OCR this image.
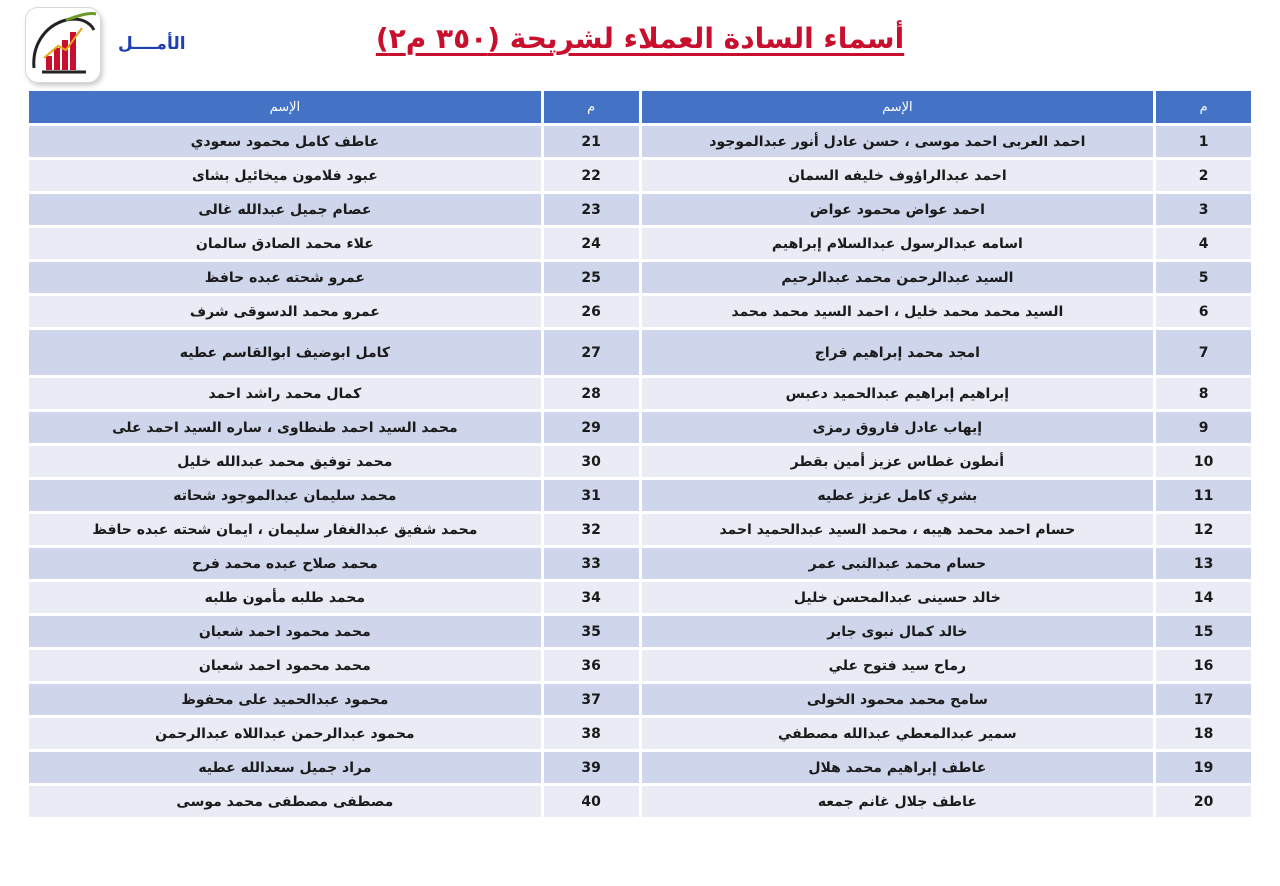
الأمــــل	أسماء السادة العملاء لشريحة (٣٥٠ م٢)
م	الإسم	م	الإسم
1	احمد العربى احمد موسى ، حسن عادل أنور عبدالموجود	21	عاطف كامل محمود سعودي
2	احمد عبدالراؤوف خليفه السمان	22	عبود فلامون ميخائيل بشاى
3	احمد عواض محمود عواض	23	عصام جميل عبدالله غالى
4	اسامه عبدالرسول عبدالسلام إبراهيم	24	علاء محمد الصادق سالمان
5	السيد عبدالرحمن محمد عبدالرحيم	25	عمرو شحته عبده حافظ
6	السيد محمد محمد خليل ، احمد السيد محمد محمد	26	عمرو محمد الدسوقى شرف
7	امجد محمد إبراهيم فراج	27	كامل ابوضيف ابوالقاسم عطيه
8	إبراهيم إبراهيم عبدالحميد دعبس	28	كمال محمد راشد احمد
9	إيهاب عادل فاروق رمزى	29	محمد السيد احمد طنطاوى ، ساره السيد احمد على
10	أنطون غطاس عزيز أمين بقطر	30	محمد توفيق محمد عبدالله خليل
11	بشري كامل عزيز عطيه	31	محمد سليمان عبدالموجود شحاته
12	حسام احمد محمد هيبه ، محمد السيد عبدالحميد احمد	32	محمد شفيق عبدالغفار سليمان ، ايمان شحته عبده حافظ
13	حسام محمد عبدالنبى عمر	33	محمد صلاح عبده محمد فرح
14	خالد حسينى عبدالمحسن خليل	34	محمد طلبه مأمون طلبه
15	خالد كمال نبوى جابر	35	محمد محمود احمد شعبان
16	رماح سيد فتوح علي	36	محمد محمود احمد شعبان
17	سامح محمد محمود الخولى	37	محمود عبدالحميد على محفوظ
18	سمير عبدالمعطي عبدالله مصطفي	38	محمود عبدالرحمن عبداللاه عبدالرحمن
19	عاطف إبراهيم محمد هلال	39	مراد جميل سعدالله عطيه
20	عاطف جلال غانم جمعه	40	مصطفى مصطفى محمد موسى
